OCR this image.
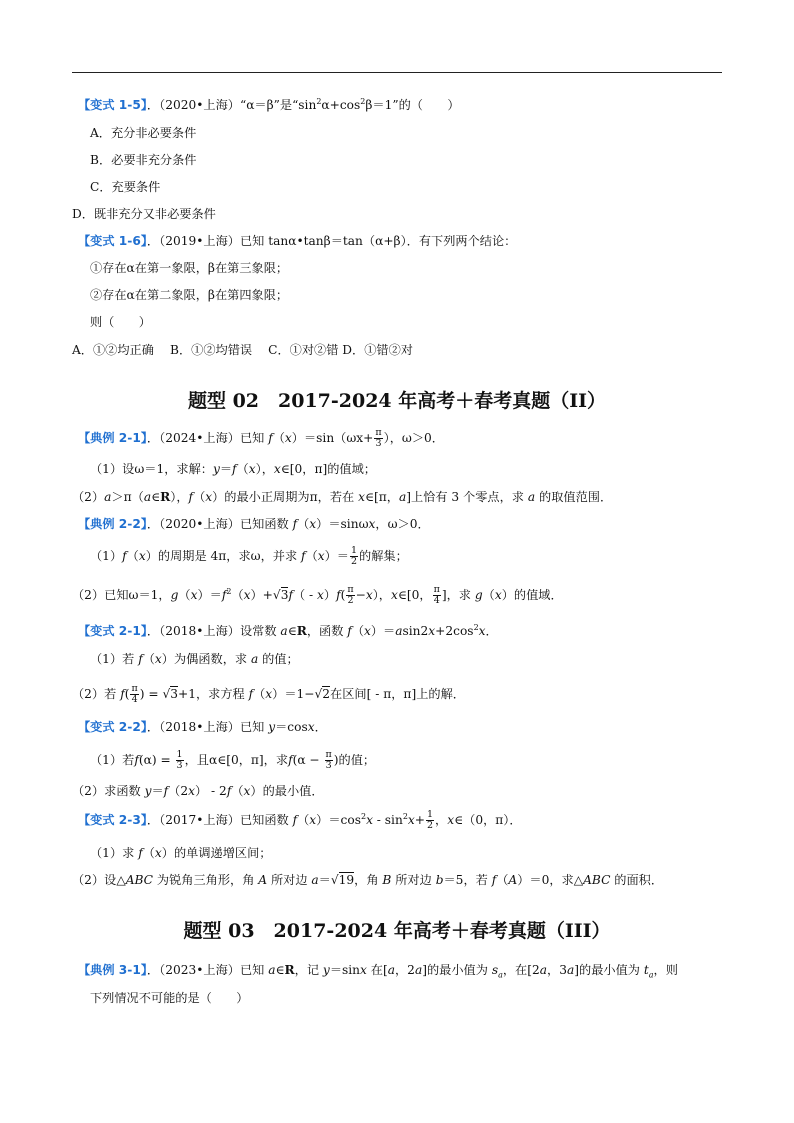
【变式 1-5】．（2020•上海）“α＝β”是“$\sin^2\alpha+\cos^2\beta=1$”的（　　）
A．充分非必要条件
B．必要非充分条件
C．充要条件
D．既非充分又非必要条件
【变式 1-6】．（2019•上海）已知 tanα•tanβ＝tan（α+β）．有下列两个结论：
①存在α在第一象限，β在第三象限；
②存在α在第二象限，β在第四象限；
则（　　）
A．①②均正确　 B．①②均错误　 C．①对②错 D．①错②对
题型 02　2017-2024 年高考＋春考真题（II）
【典例 2-1】．（2024•上海）已知 $f(x)=\sin(\omega x+ \frac{\pi}{3}$ ），ω＞0．
（1）设ω＝1，求解：y＝f（x），x∈[0，π]的值域；
（2）a＞π（a∈R），f（x）的最小正周期为π，若在 x∈[π，a]上恰有 3 个零点，求 a 的取值范围．
【典例 2-2】．（2020•上海）已知函数 f（x）＝sinωx，ω＞0．
（1）f（x）的周期是 4π，求ω，并求 $f(x)= \frac{1}{2}$ 的解集；
（2）已知ω＝1，$g(x)=f^2(x)+√3f( - x)f( \frac{\pi}{2} -x)$，x∈[0， $\frac{\pi}{4}$ ]，求 g（x）的值域．
【变式 2-1】．（2018•上海）设常数 a∈R，函数 $f(x)=asin2x+2\cos^2x$．
（1）若 f（x）为偶函数，求 a 的值；
（2）若 $f( \frac{\pi}{4}$ ) = √3+1，求方程 f（x）＝1−√2在区间[ - π，π]上的解．
【变式 2-2】．（2018•上海）已知 y＝cosx．
（1）若$f(\alpha) = \frac{1}{3}$ ，且α∈[0，π]，求$f(\alpha - \frac{\pi}{3}$ )的值；
（2）求函数 y＝f（2x） - 2f（x）的最小值．
【变式 2-3】．（2017•上海）已知函数 $f(x)=\cos^2x - \sin^2x+ \frac{1}{2}$ ，x∈（0，π）．
（1）求 f（x）的单调递增区间；
（2）设△ABC 为锐角三角形，角 A 所对边 a＝√19，角 B 所对边 b＝5，若 f（A）＝0，求△ABC 的面积．
题型 03　2017-2024 年高考＋春考真题（III）
【典例 3-1】．（2023•上海）已知 a∈R，记 y＝sinx 在[a，2a]的最小值为 $s_a$，在[2a，3a]的最小值为 $t_a$，则
下列情况不可能的是（　　）
